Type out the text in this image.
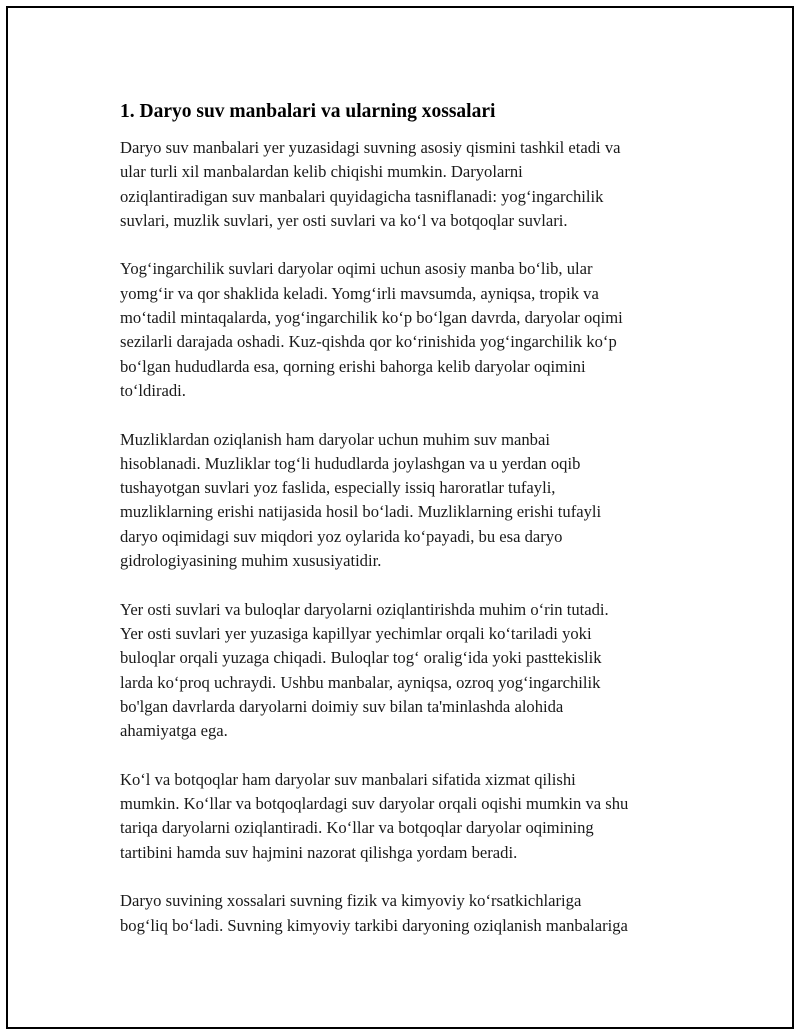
1. Daryo suv manbalari va ularning xossalari

Daryo suv manbalari yer yuzasidagi suvning asosiy qismini tashkil etadi va
ular turli xil manbalardan kelib chiqishi mumkin. Daryolarni
oziqlantiradigan suv manbalari quyidagicha tasniflanadi: yog‘ingarchilik
suvlari, muzlik suvlari, yer osti suvlari va ko‘l va botqoqlar suvlari.

Yog‘ingarchilik suvlari daryolar oqimi uchun asosiy manba bo‘lib, ular
yomg‘ir va qor shaklida keladi. Yomg‘irli mavsumda, ayniqsa, tropik va
mo‘tadil mintaqalarda, yog‘ingarchilik ko‘p bo‘lgan davrda, daryolar oqimi
sezilarli darajada oshadi. Kuz-qishda qor ko‘rinishida yog‘ingarchilik ko‘p
bo‘lgan hududlarda esa, qorning erishi bahorga kelib daryolar oqimini
to‘ldiradi.

Muzliklardan oziqlanish ham daryolar uchun muhim suv manbai
hisoblanadi. Muzliklar tog‘li hududlarda joylashgan va u yerdan oqib
tushayotgan suvlari yoz faslida, especially issiq haroratlar tufayli,
muzliklarning erishi natijasida hosil bo‘ladi. Muzliklarning erishi tufayli
daryo oqimidagi suv miqdori yoz oylarida ko‘payadi, bu esa daryo
gidrologiyasining muhim xususiyatidir.

Yer osti suvlari va buloqlar daryolarni oziqlantirishda muhim o‘rin tutadi.
Yer osti suvlari yer yuzasiga kapillyar yechimlar orqali ko‘tariladi yoki
buloqlar orqali yuzaga chiqadi. Buloqlar tog‘ oralig‘ida yoki pasttekislik
larda ko‘proq uchraydi. Ushbu manbalar, ayniqsa, ozroq yog‘ingarchilik
bo'lgan davrlarda daryolarni doimiy suv bilan ta'minlashda alohida
ahamiyatga ega.

Ko‘l va botqoqlar ham daryolar suv manbalari sifatida xizmat qilishi
mumkin. Ko‘llar va botqoqlardagi suv daryolar orqali oqishi mumkin va shu
tariqa daryolarni oziqlantiradi. Ko‘llar va botqoqlar daryolar oqimining
tartibini hamda suv hajmini nazorat qilishga yordam beradi.

Daryo suvining xossalari suvning fizik va kimyoviy ko‘rsatkichlariga
bog‘liq bo‘ladi. Suvning kimyoviy tarkibi daryoning oziqlanish manbalariga
